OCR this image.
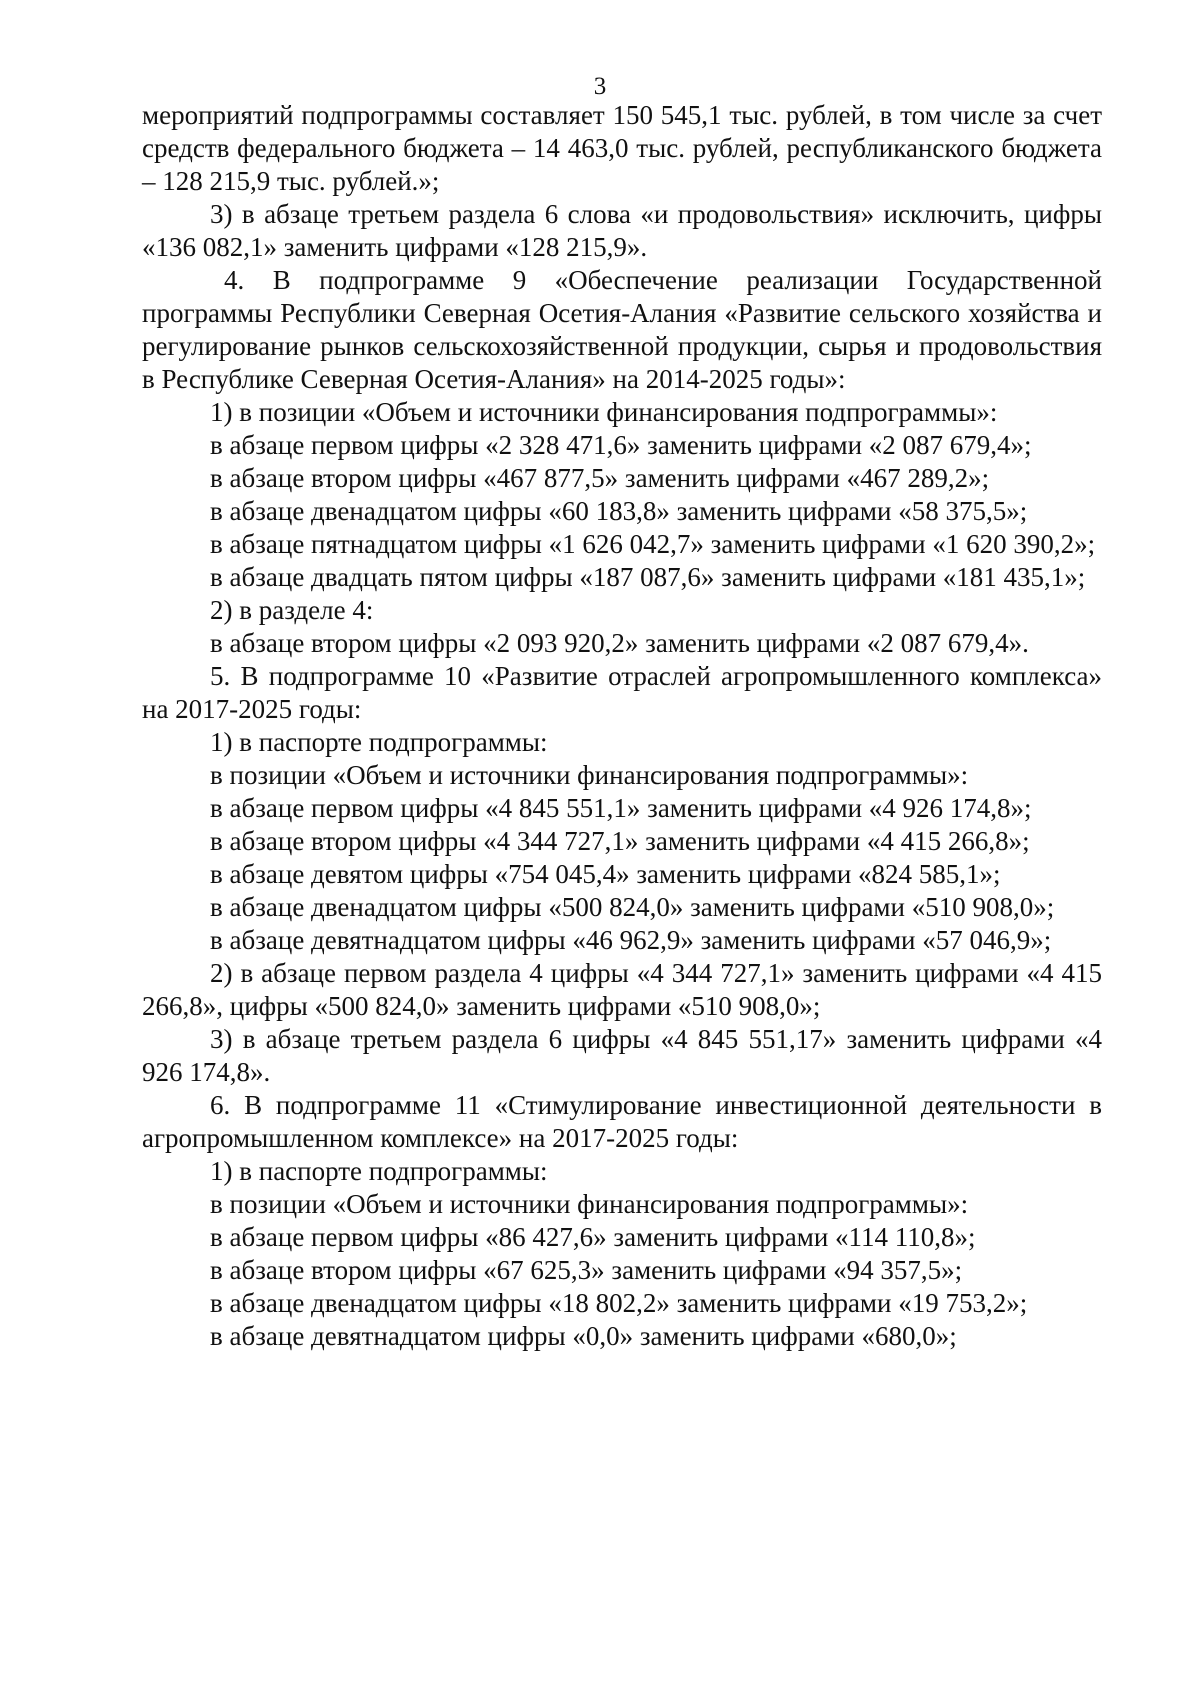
3

мероприятий подпрограммы составляет 150 545,1 тыс. рублей, в том числе за счет средств федерального бюджета – 14 463,0 тыс. рублей, республиканского бюджета – 128 215,9 тыс. рублей.»;

3) в абзаце третьем раздела 6 слова «и продовольствия» исключить, цифры «136 082,1» заменить цифрами «128 215,9».

4. В подпрограмме 9 «Обеспечение реализации Государственной программы Республики Северная Осетия-Алания «Развитие сельского хозяйства и регулирование рынков сельскохозяйственной продукции, сырья и продовольствия в Республике Северная Осетия-Алания» на 2014-2025 годы»:

1) в позиции «Объем и источники финансирования подпрограммы»:

в абзаце первом цифры «2 328 471,6» заменить цифрами «2 087 679,4»;

в абзаце втором цифры «467 877,5» заменить цифрами «467 289,2»;

в абзаце двенадцатом цифры «60 183,8» заменить цифрами «58 375,5»;

в абзаце пятнадцатом цифры «1 626 042,7» заменить цифрами «1 620 390,2»;

в абзаце двадцать пятом цифры «187 087,6» заменить цифрами «181 435,1»;

2) в разделе 4:

в абзаце втором цифры «2 093 920,2» заменить цифрами «2 087 679,4».

5. В подпрограмме 10 «Развитие отраслей агропромышленного комплекса» на 2017-2025 годы:

1) в паспорте подпрограммы:

в позиции «Объем и источники финансирования подпрограммы»:

в абзаце первом цифры «4 845 551,1» заменить цифрами «4 926 174,8»;

в абзаце втором цифры «4 344 727,1» заменить цифрами «4 415 266,8»;

в абзаце девятом цифры «754 045,4» заменить цифрами «824 585,1»;

в абзаце двенадцатом цифры «500 824,0» заменить цифрами «510 908,0»;

в абзаце девятнадцатом цифры «46 962,9» заменить цифрами «57 046,9»;

2) в абзаце первом раздела 4 цифры «4 344 727,1» заменить цифрами «4 415 266,8», цифры «500 824,0» заменить цифрами «510 908,0»;

3) в абзаце третьем раздела 6 цифры «4 845 551,17» заменить цифрами «4 926 174,8».

6. В подпрограмме 11 «Стимулирование инвестиционной деятельности в агропромышленном комплексе» на 2017-2025 годы:

1) в паспорте подпрограммы:

в позиции «Объем и источники финансирования подпрограммы»:

в абзаце первом цифры «86 427,6» заменить цифрами «114 110,8»;

в абзаце втором цифры «67 625,3» заменить цифрами «94 357,5»;

в абзаце двенадцатом цифры «18 802,2» заменить цифрами «19 753,2»;

в абзаце девятнадцатом цифры «0,0» заменить цифрами «680,0»;
